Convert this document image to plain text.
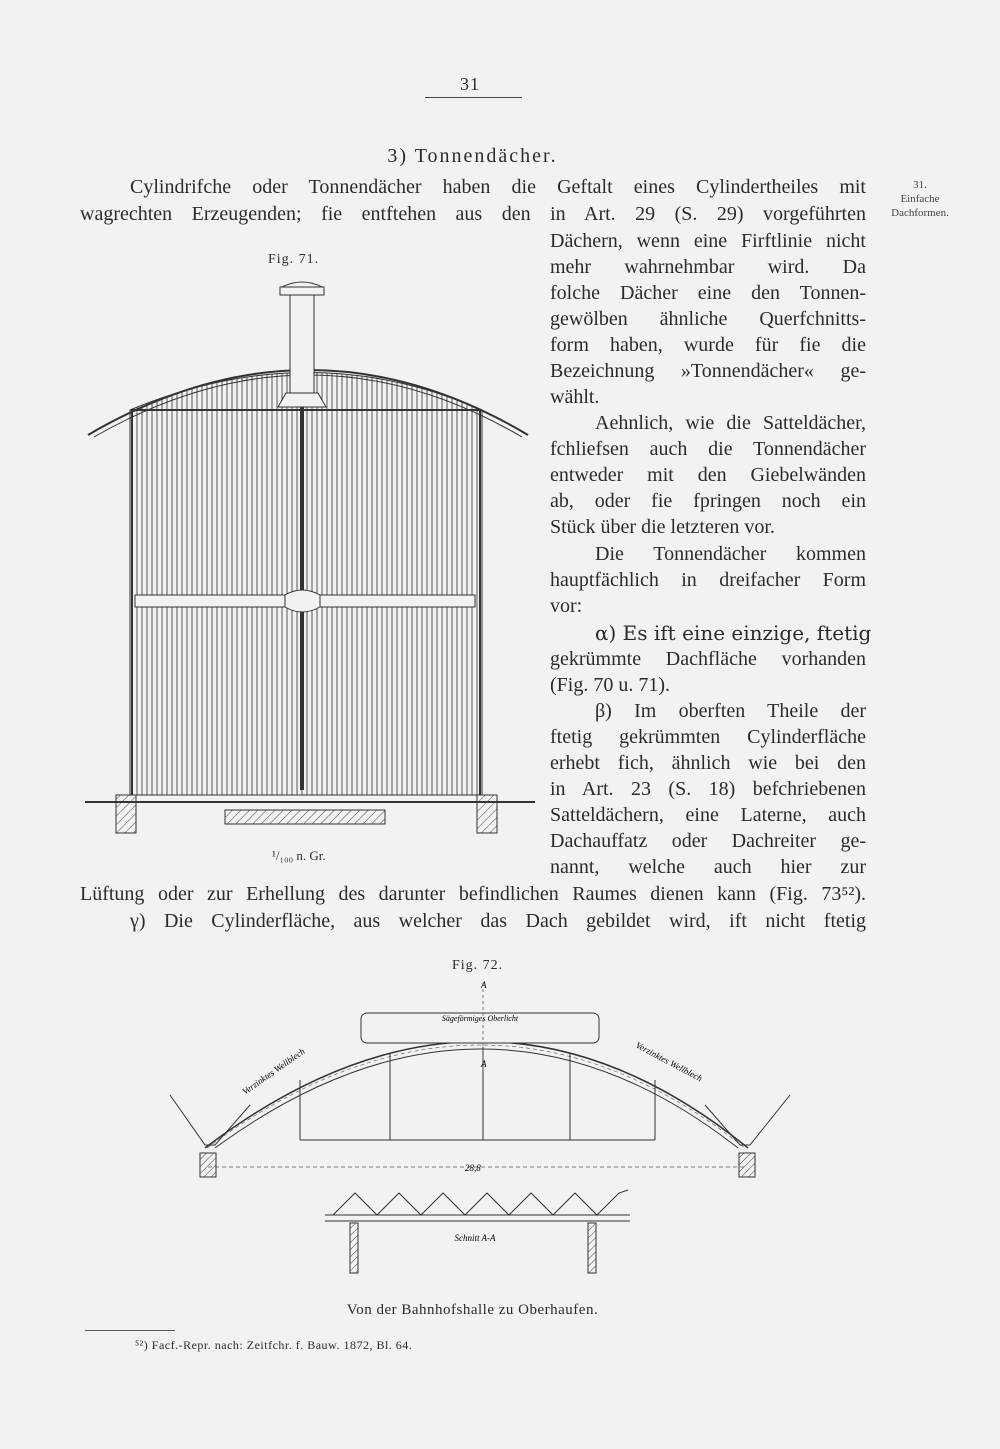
31
3) Tonnendächer.
31.
Einfache
Dachformen.
Cylindrifche oder Tonnendächer haben die Geftalt eines Cylindertheiles mit
wagrechten Erzeugenden; fie entftehen aus den in Art. 29 (S. 29) vorgeführten
Dächern, wenn eine Firftlinie nicht
mehr wahrnehmbar wird. Da
folche Dächer eine den Tonnen-
gewölben ähnliche Querfchnitts-
form haben, wurde für fie die
Bezeichnung »Tonnendächer« ge-
wählt.
Aehnlich, wie die Satteldächer,
fchliefsen auch die Tonnendächer
entweder mit den Giebelwänden
ab, oder fie fpringen noch ein
Stück über die letzteren vor.
Die Tonnendächer kommen
hauptfächlich in dreifacher Form
vor:
α) Es ift eine einzige, ftetig
gekrümmte Dachfläche vorhanden
(Fig. 70 u. 71).
β) Im oberften Theile der
ftetig gekrümmten Cylinderfläche
erhebt fich, ähnlich wie bei den
in Art. 23 (S. 18) befchriebenen
Satteldächern, eine Laterne, auch
Dachauffatz oder Dachreiter ge-
nannt, welche auch hier zur
Lüftung oder zur Erhellung des darunter befindlichen Raumes dienen kann (Fig. 73⁵²).
γ) Die Cylinderfläche, aus welcher das Dach gebildet wird, ift nicht ftetig
Fig. 71.
¹/₁₀₀ n. Gr.
Fig. 72.
Sägeförmiges Oberlicht
A
A
Verzinktes Wellblech	Verzinktes Wellblech
28,8
Schnitt A-A
Von der Bahnhofshalle zu Oberhaufen.
⁵²) Facf.-Repr. nach: Zeitfchr. f. Bauw. 1872, Bl. 64.
